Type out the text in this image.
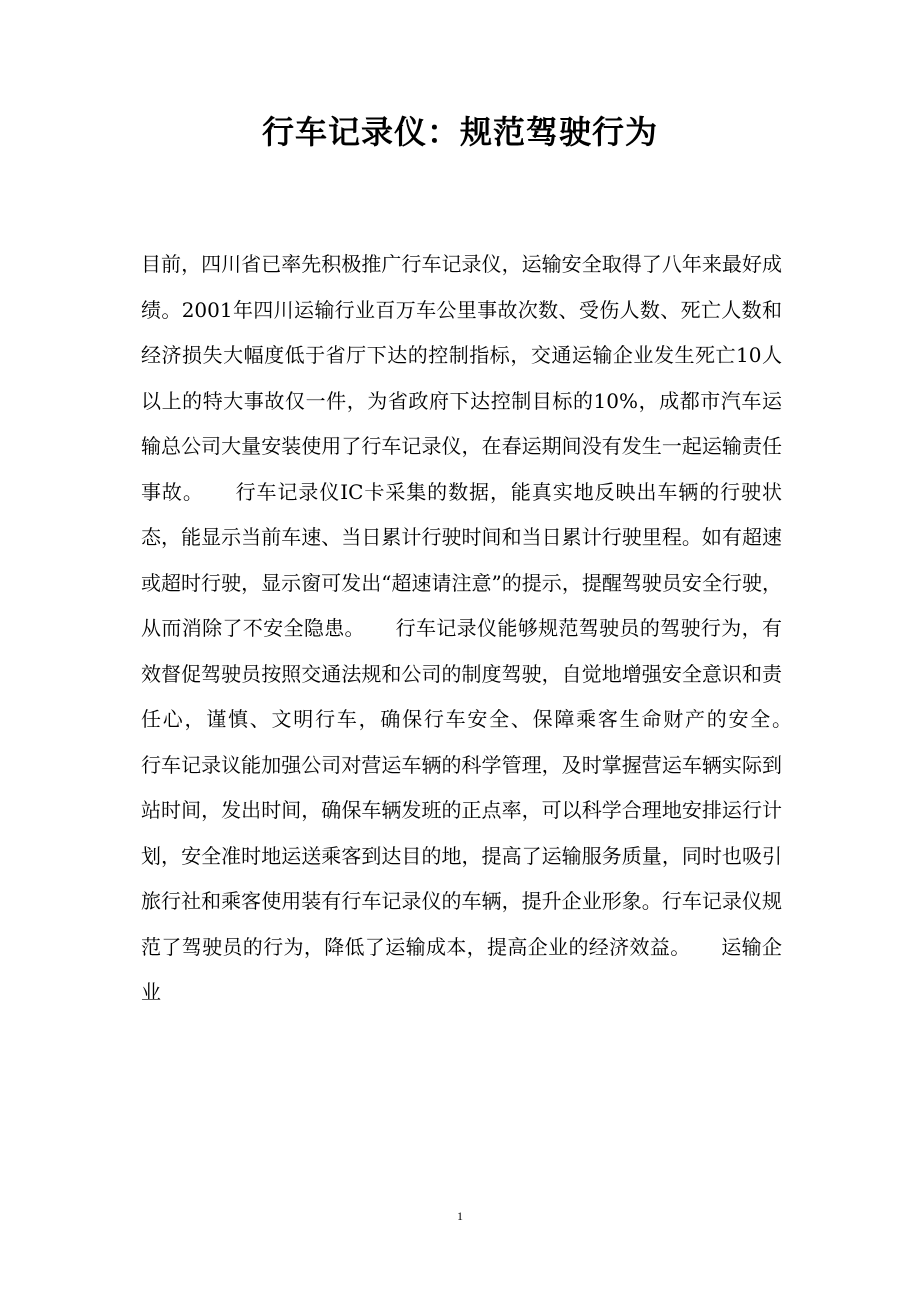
行车记录仪：规范驾驶行为

目前，四川省已率先积极推广行车记录仪，运输安全取得了八年来最好成绩。2001年四川运输行业百万车公里事故次数、受伤人数、死亡人数和经济损失大幅度低于省厅下达的控制指标，交通运输企业发生死亡10人以上的特大事故仅一件，为省政府下达控制目标的10%，成都市汽车运输总公司大量安装使用了行车记录仪，在春运期间没有发生一起运输责任事故。　　行车记录仪IC卡采集的数据，能真实地反映出车辆的行驶状态，能显示当前车速、当日累计行驶时间和当日累计行驶里程。如有超速或超时行驶，显示窗可发出“超速请注意”的提示，提醒驾驶员安全行驶，从而消除了不安全隐患。　　行车记录仪能够规范驾驶员的驾驶行为，有效督促驾驶员按照交通法规和公司的制度驾驶，自觉地增强安全意识和责任心，谨慎、文明行车，确保行车安全、保障乘客生命财产的安全。　　行车记录议能加强公司对营运车辆的科学管理，及时掌握营运车辆实际到站时间，发出时间，确保车辆发班的正点率，可以科学合理地安排运行计划，安全准时地运送乘客到达目的地，提高了运输服务质量，同时也吸引旅行社和乘客使用装有行车记录仪的车辆，提升企业形象。行车记录仪规范了驾驶员的行为，降低了运输成本，提高企业的经济效益。　　运输企业

1
